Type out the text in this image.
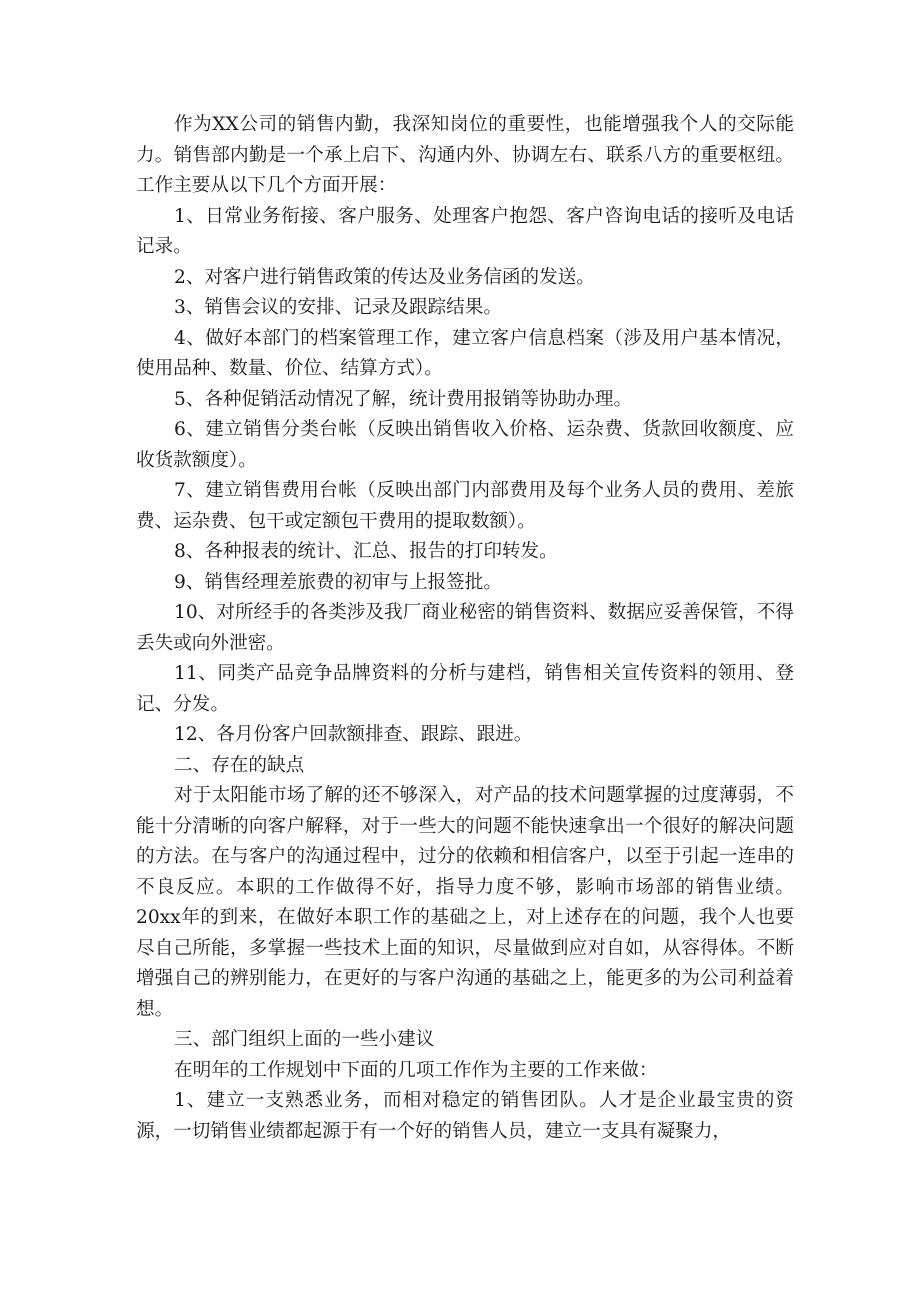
作为XX公司的销售内勤，我深知岗位的重要性，也能增强我个人的交际能力。销售部内勤是一个承上启下、沟通内外、协调左右、联系八方的重要枢纽。工作主要从以下几个方面开展：

1、日常业务衔接、客户服务、处理客户抱怨、客户咨询电话的接听及电话记录。

2、对客户进行销售政策的传达及业务信函的发送。

3、销售会议的安排、记录及跟踪结果。

4、做好本部门的档案管理工作，建立客户信息档案（涉及用户基本情况，使用品种、数量、价位、结算方式）。

5、各种促销活动情况了解，统计费用报销等协助办理。

6、建立销售分类台帐（反映出销售收入价格、运杂费、货款回收额度、应收货款额度）。

7、建立销售费用台帐（反映出部门内部费用及每个业务人员的费用、差旅费、运杂费、包干或定额包干费用的提取数额）。

8、各种报表的统计、汇总、报告的打印转发。

9、销售经理差旅费的初审与上报签批。

10、对所经手的各类涉及我厂商业秘密的销售资料、数据应妥善保管，不得丢失或向外泄密。

11、同类产品竞争品牌资料的分析与建档，销售相关宣传资料的领用、登记、分发。

12、各月份客户回款额排查、跟踪、跟进。

二、存在的缺点

对于太阳能市场了解的还不够深入，对产品的技术问题掌握的过度薄弱，不能十分清晰的向客户解释，对于一些大的问题不能快速拿出一个很好的解决问题的方法。在与客户的沟通过程中，过分的依赖和相信客户，以至于引起一连串的不良反应。本职的工作做得不好，指导力度不够，影响市场部的销售业绩。20xx年的到来，在做好本职工作的基础之上，对上述存在的问题，我个人也要尽自己所能，多掌握一些技术上面的知识，尽量做到应对自如，从容得体。不断增强自己的辨别能力，在更好的与客户沟通的基础之上，能更多的为公司利益着想。

三、部门组织上面的一些小建议

在明年的工作规划中下面的几项工作作为主要的工作来做：

1、建立一支熟悉业务，而相对稳定的销售团队。人才是企业最宝贵的资源，一切销售业绩都起源于有一个好的销售人员，建立一支具有凝聚力，
